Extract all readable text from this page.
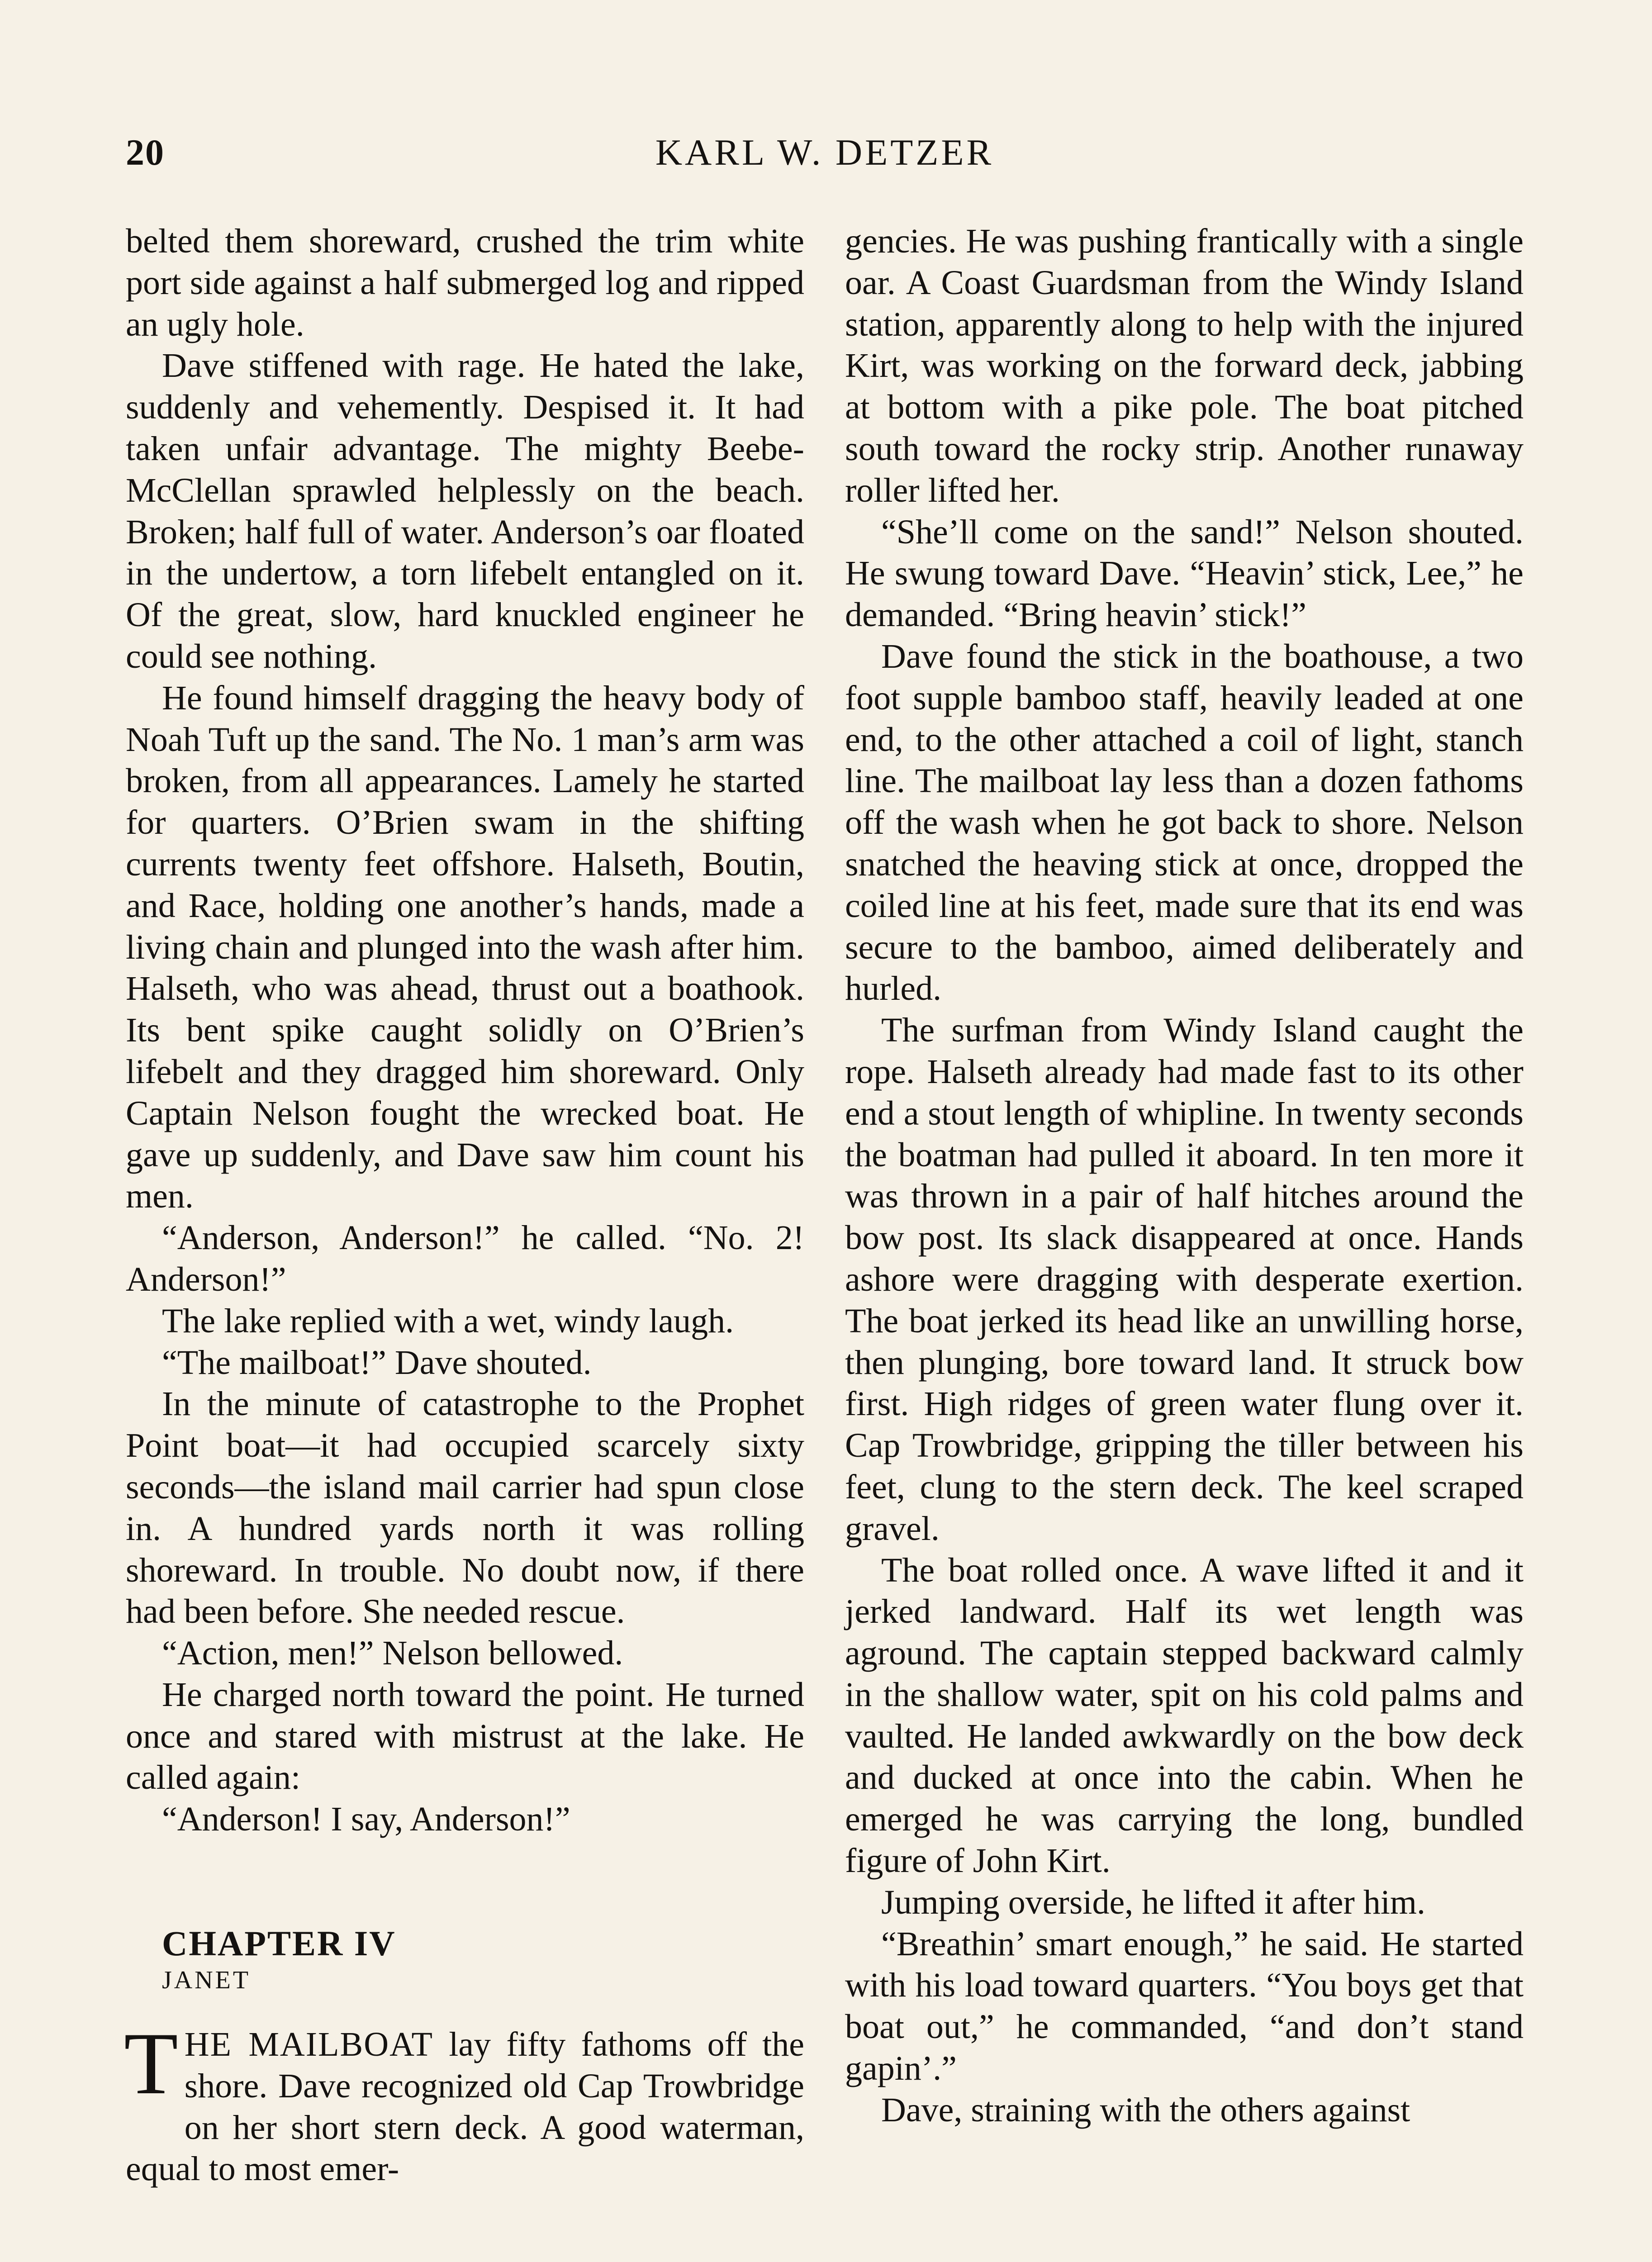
20	KARL W. DETZER

belted them shoreward, crushed the trim white port side against a half submerged log and ripped an ugly hole.

Dave stiffened with rage. He hated the lake, suddenly and vehemently. Despised it. It had taken unfair advantage. The mighty Beebe-McClellan sprawled helplessly on the beach. Broken; half full of water. Anderson’s oar floated in the undertow, a torn lifebelt entangled on it. Of the great, slow, hard knuckled engineer he could see nothing.

He found himself dragging the heavy body of Noah Tuft up the sand. The No. 1 man’s arm was broken, from all appearances. Lamely he started for quarters. O’Brien swam in the shifting currents twenty feet offshore. Halseth, Boutin, and Race, holding one another’s hands, made a living chain and plunged into the wash after him. Halseth, who was ahead, thrust out a boathook. Its bent spike caught solidly on O’Brien’s lifebelt and they dragged him shoreward. Only Captain Nelson fought the wrecked boat. He gave up suddenly, and Dave saw him count his men.

“Anderson, Anderson!” he called. “No. 2! Anderson!”

The lake replied with a wet, windy laugh.

“The mailboat!” Dave shouted.

In the minute of catastrophe to the Prophet Point boat—it had occupied scarcely sixty seconds—the island mail carrier had spun close in. A hundred yards north it was rolling shoreward. In trouble. No doubt now, if there had been before. She needed rescue.

“Action, men!” Nelson bellowed.

He charged north toward the point. He turned once and stared with mistrust at the lake. He called again:

“Anderson! I say, Anderson!”

CHAPTER IV

JANET

THE MAILBOAT lay fifty fathoms off the shore. Dave recognized old Cap Trowbridge on her short stern deck. A good waterman, equal to most emer-

gencies. He was pushing frantically with a single oar. A Coast Guardsman from the Windy Island station, apparently along to help with the injured Kirt, was working on the forward deck, jabbing at bottom with a pike pole. The boat pitched south toward the rocky strip. Another runaway roller lifted her.

“She’ll come on the sand!” Nelson shouted. He swung toward Dave. “Heavin’ stick, Lee,” he demanded. “Bring heavin’ stick!”

Dave found the stick in the boathouse, a two foot supple bamboo staff, heavily leaded at one end, to the other attached a coil of light, stanch line. The mailboat lay less than a dozen fathoms off the wash when he got back to shore. Nelson snatched the heaving stick at once, dropped the coiled line at his feet, made sure that its end was secure to the bamboo, aimed deliberately and hurled.

The surfman from Windy Island caught the rope. Halseth already had made fast to its other end a stout length of whipline. In twenty seconds the boatman had pulled it aboard. In ten more it was thrown in a pair of half hitches around the bow post. Its slack disappeared at once. Hands ashore were dragging with desperate exertion. The boat jerked its head like an unwilling horse, then plunging, bore toward land. It struck bow first. High ridges of green water flung over it. Cap Trowbridge, gripping the tiller between his feet, clung to the stern deck. The keel scraped gravel.

The boat rolled once. A wave lifted it and it jerked landward. Half its wet length was aground. The captain stepped backward calmly in the shallow water, spit on his cold palms and vaulted. He landed awkwardly on the bow deck and ducked at once into the cabin. When he emerged he was carrying the long, bundled figure of John Kirt.

Jumping overside, he lifted it after him.

“Breathin’ smart enough,” he said. He started with his load toward quarters. “You boys get that boat out,” he commanded, “and don’t stand gapin’.”

Dave, straining with the others against
